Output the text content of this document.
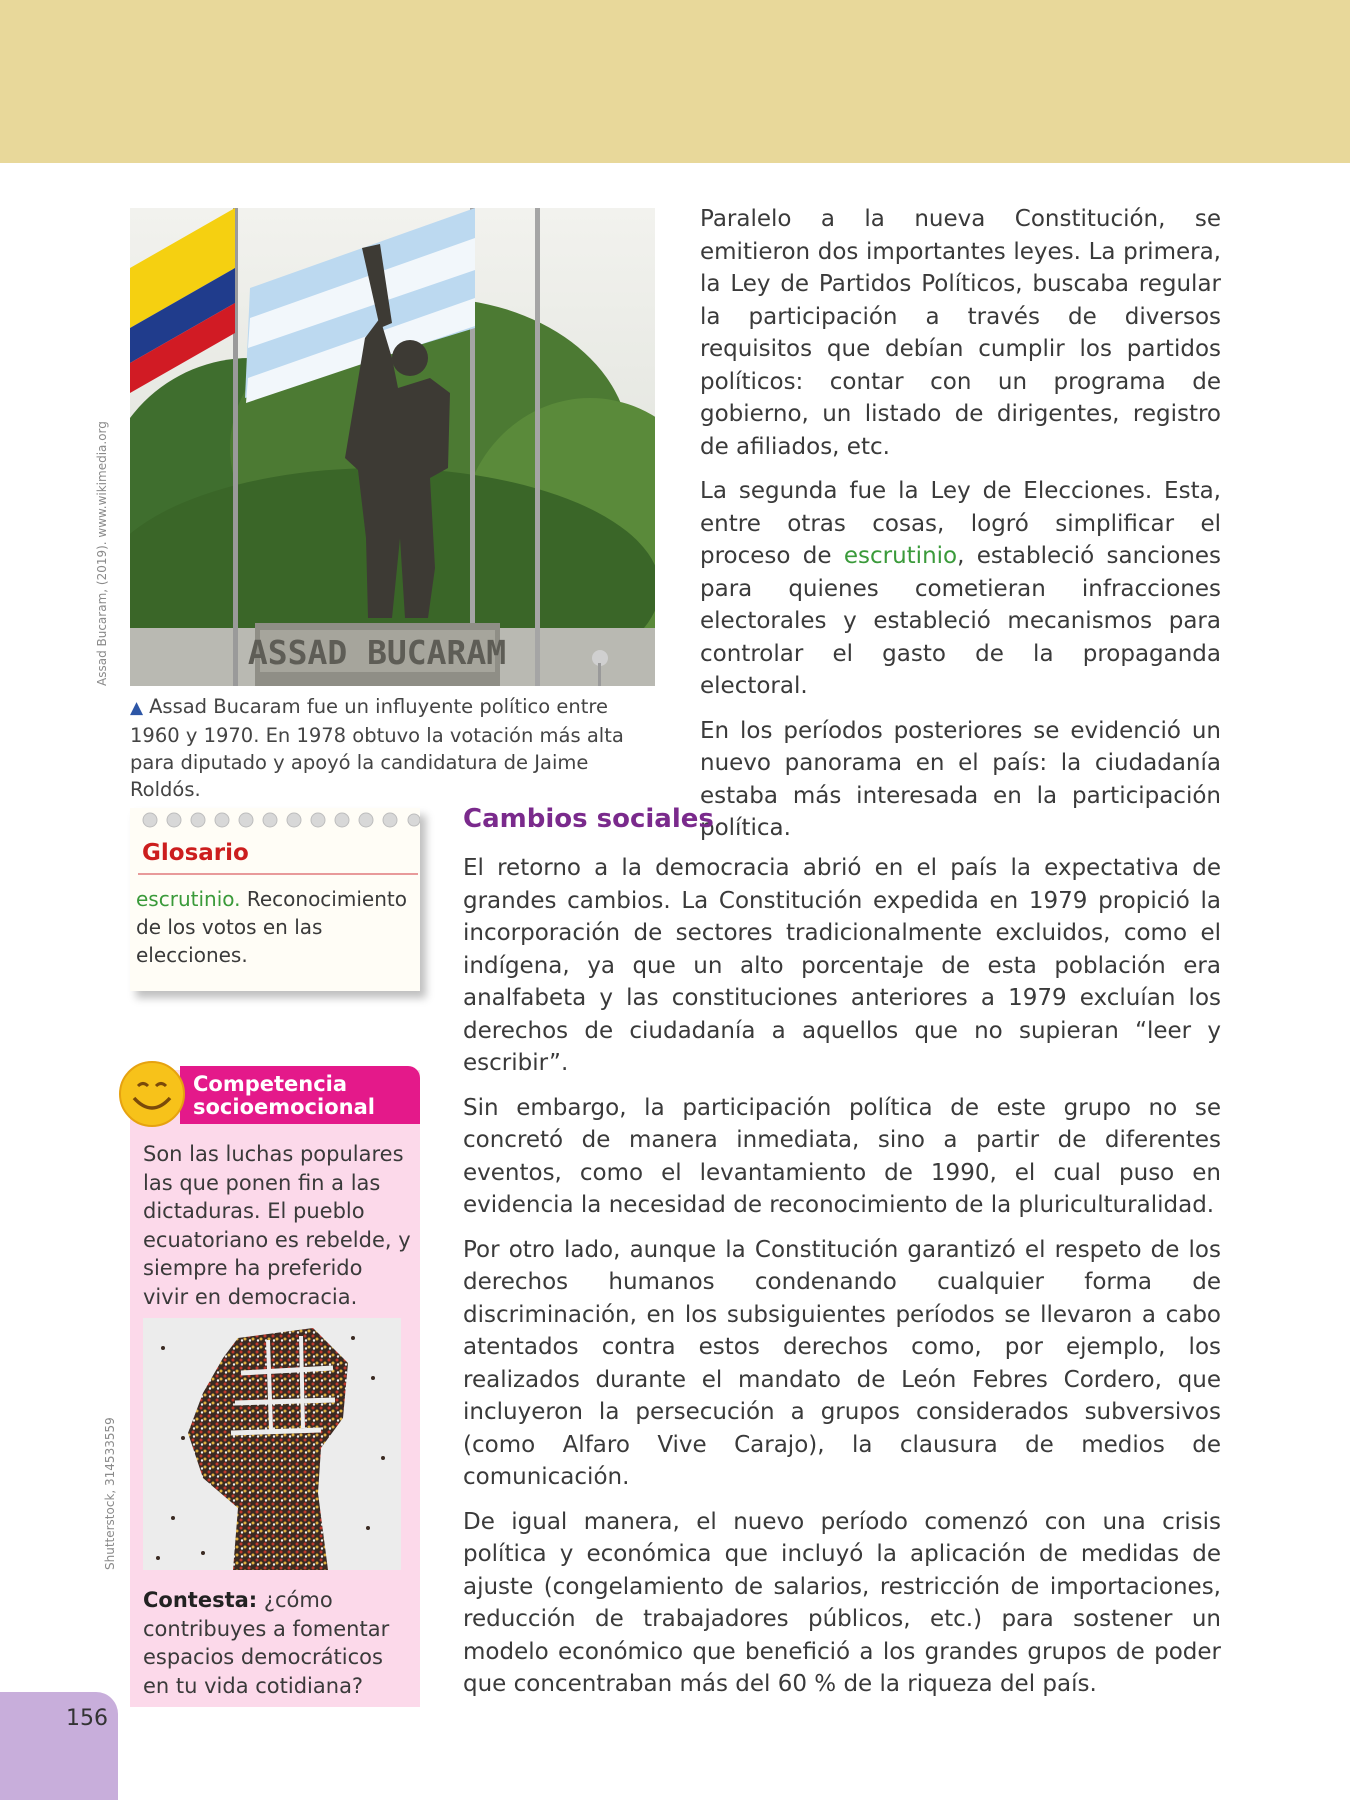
ASSAD BUCARAM
Assad Bucaram, (2019). www.wikimedia.org
▲ Assad Bucaram fue un influyente político entre 1960 y 1970. En 1978 obtuvo la votación más alta para diputado y apoyó la candidatura de Jaime Roldós.

Paralelo a la nueva Constitución, se emitieron dos importantes leyes. La primera, la Ley de Partidos Políticos, buscaba regular la participación a través de diversos requisitos que debían cumplir los partidos políticos: contar con un programa de gobierno, un listado de dirigentes, registro de afiliados, etc.

La segunda fue la Ley de Elecciones. Esta, entre otras cosas, logró simplificar el proceso de escrutinio, estableció sanciones para quienes cometieran infracciones electorales y estableció mecanismos para controlar el gasto de la propaganda electoral.

En los períodos posteriores se evidenció un nuevo panorama en el país: la ciudadanía estaba más interesada en la participación política.

Glosario
escrutinio. Reconocimiento de los votos en las elecciones.
Competencia
socioemocional
Son las luchas populares las que ponen fin a las dictaduras. El pueblo ecuatoriano es rebelde, y siempre ha preferido vivir en democracia.
Shutterstock, 314533559
Contesta: ¿cómo contribuyes a fomentar espacios democráticos en tu vida cotidiana?
Cambios sociales

El retorno a la democracia abrió en el país la expectativa de grandes cambios. La Constitución expedida en 1979 propició la incorporación de sectores tradicionalmente excluidos, como el indígena, ya que un alto porcentaje de esta población era analfabeta y las constituciones anteriores a 1979 excluían los derechos de ciudadanía a aquellos que no supieran “leer y escribir”.

Sin embargo, la participación política de este grupo no se concretó de manera inmediata, sino a partir de diferentes eventos, como el levantamiento de 1990, el cual puso en evidencia la necesidad de reconocimiento de la pluriculturalidad.

Por otro lado, aunque la Constitución garantizó el respeto de los derechos humanos condenando cualquier forma de discriminación, en los subsiguientes períodos se llevaron a cabo atentados contra estos derechos como, por ejemplo, los realizados durante el mandato de León Febres Cordero, que incluyeron la persecución a grupos considerados subversivos (como Alfaro Vive Carajo), la clausura de medios de comunicación.

De igual manera, el nuevo período comenzó con una crisis política y económica que incluyó la aplicación de medidas de ajuste (congelamiento de salarios, restricción de importaciones, reducción de trabajadores públicos, etc.) para sostener un modelo económico que benefició a los grandes grupos de poder que concentraban más del 60 % de la riqueza del país.

156
